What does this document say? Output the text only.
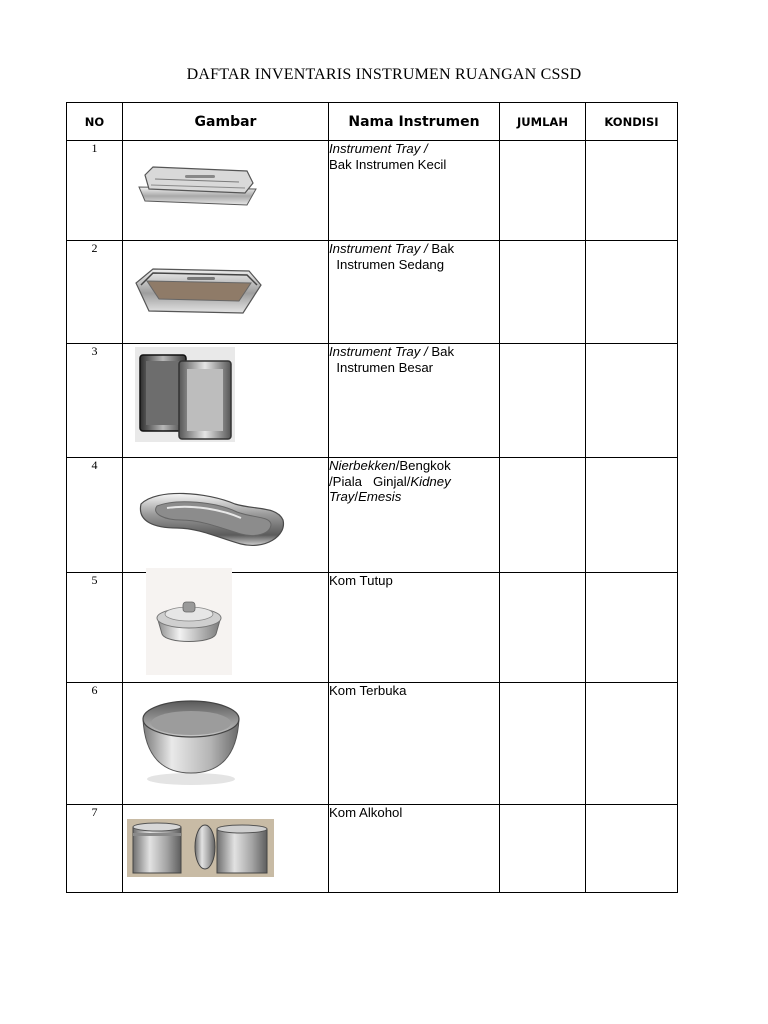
DAFTAR INVENTARIS INSTRUMEN RUANGAN CSSD
NO	Gambar	Nama Instrumen	JUMLAH	KONDISI
1		Instrument Tray /
Bak Instrumen Kecil		
2		Instrument Tray / Bak
Instrumen Sedang		
3		Instrument Tray / Bak
Instrumen Besar		
4		Nierbekken/Bengkok
/Piala   Ginjal/Kidney
Tray/Emesis		
5		Kom Tutup		
6		Kom Terbuka		
7		Kom Alkohol		
